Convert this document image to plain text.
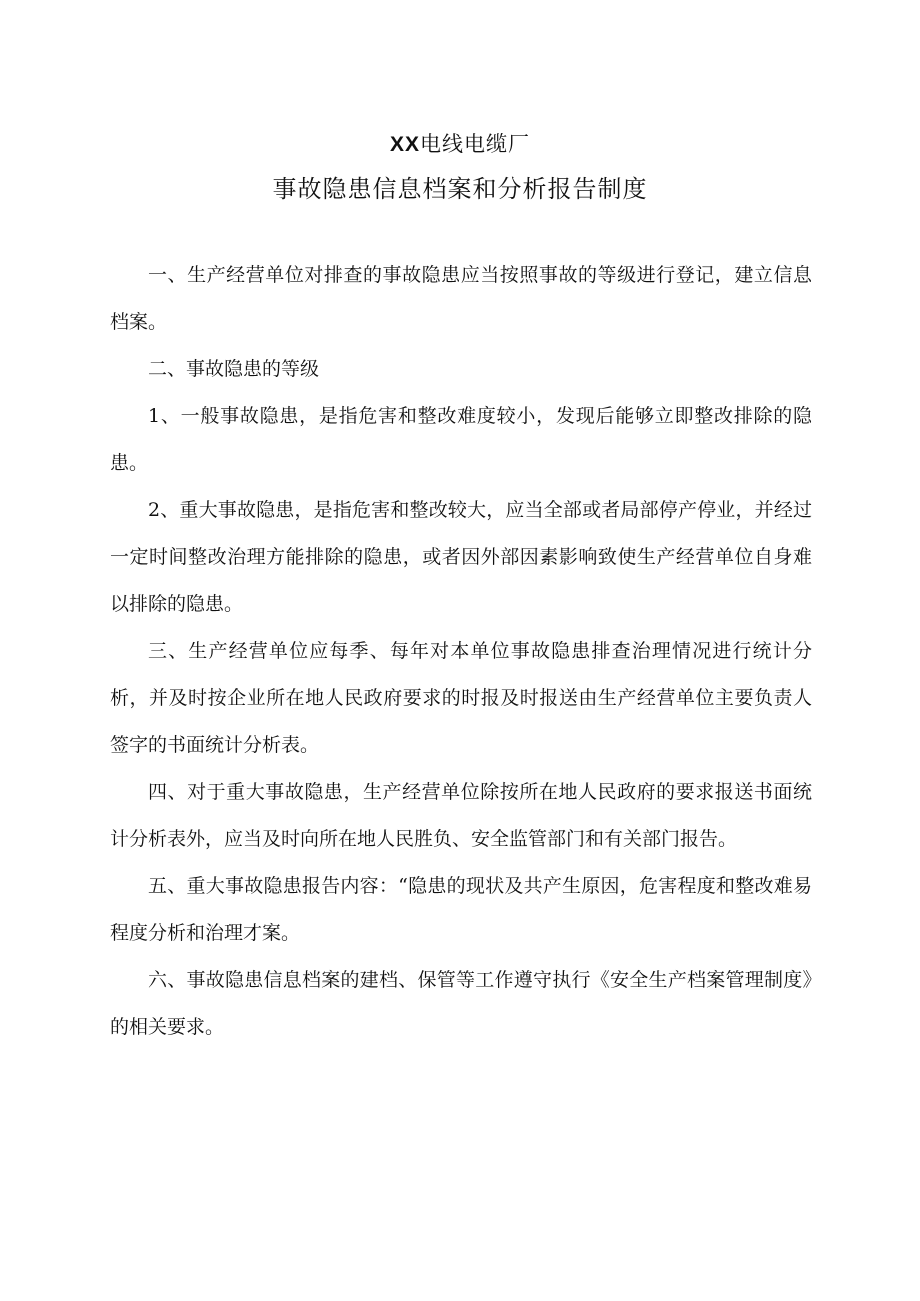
XX电线电缆厂
事故隐患信息档案和分析报告制度

一、生产经营单位对排查的事故隐患应当按照事故的等级进行登记，建立信息档案。

二、事故隐患的等级

1、一般事故隐患，是指危害和整改难度较小，发现后能够立即整改排除的隐患。

2、重大事故隐患，是指危害和整改较大，应当全部或者局部停产停业，并经过一定时间整改治理方能排除的隐患，或者因外部因素影响致使生产经营单位自身难以排除的隐患。

三、生产经营单位应每季、每年对本单位事故隐患排查治理情况进行统计分析，并及时按企业所在地人民政府要求的时报及时报送由生产经营单位主要负责人签字的书面统计分析表。

四、对于重大事故隐患，生产经营单位除按所在地人民政府的要求报送书面统计分析表外，应当及时向所在地人民胜负、安全监管部门和有关部门报告。

五、重大事故隐患报告内容：“隐患的现状及共产生原因，危害程度和整改难易程度分析和治理才案。

六、事故隐患信息档案的建档、保管等工作遵守执行《安全生产档案管理制度》的相关要求。
